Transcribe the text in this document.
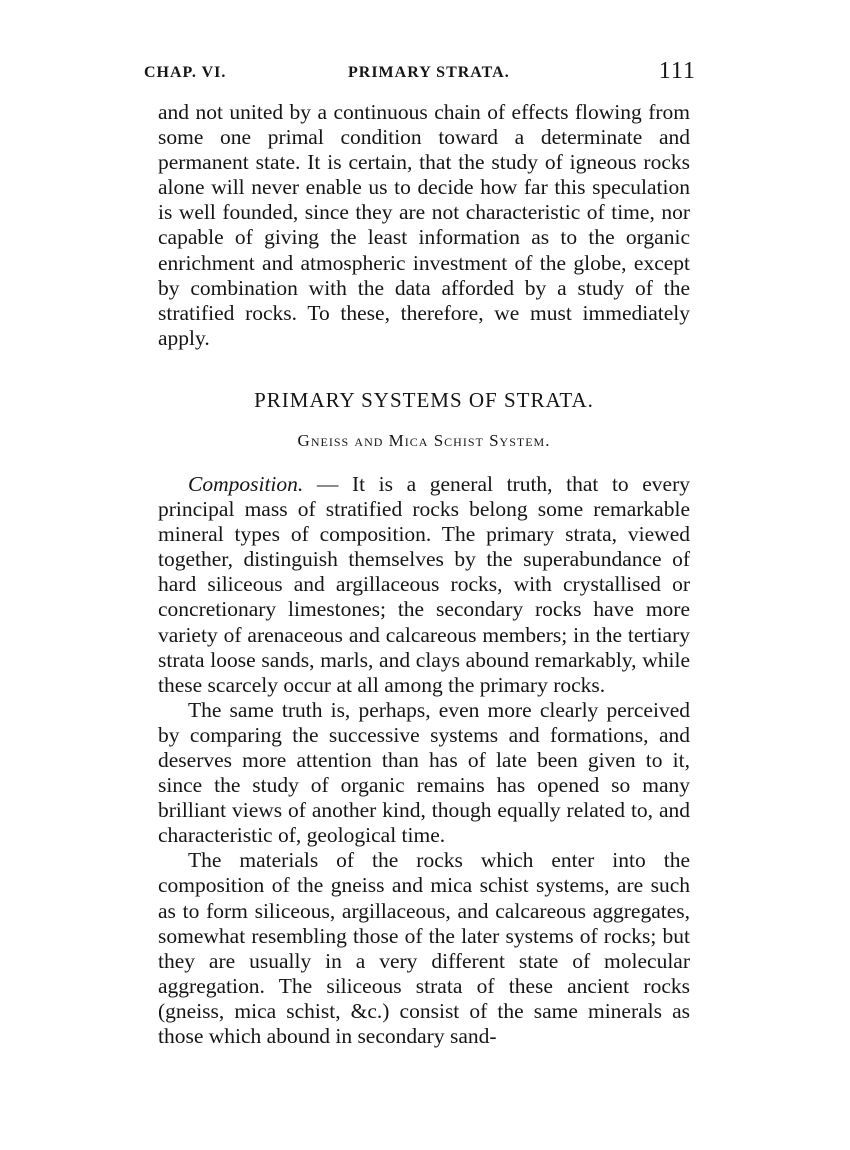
CHAP. VI.	PRIMARY STRATA.	111

and not united by a continuous chain of effects flowing from some one primal condition toward a determinate and permanent state. It is certain, that the study of igneous rocks alone will never enable us to decide how far this speculation is well founded, since they are not characteristic of time, nor capable of giving the least information as to the organic enrichment and atmospheric investment of the globe, except by combination with the data afforded by a study of the stratified rocks. To these, therefore, we must immediately apply.

PRIMARY SYSTEMS OF STRATA.
Gneiss and Mica Schist System.

Composition. — It is a general truth, that to every principal mass of stratified rocks belong some remarkable mineral types of composition. The primary strata, viewed together, distinguish themselves by the superabundance of hard siliceous and argillaceous rocks, with crystallised or concretionary limestones; the secondary rocks have more variety of arenaceous and calcareous members; in the tertiary strata loose sands, marls, and clays abound remarkably, while these scarcely occur at all among the primary rocks.

The same truth is, perhaps, even more clearly perceived by comparing the successive systems and formations, and deserves more attention than has of late been given to it, since the study of organic remains has opened so many brilliant views of another kind, though equally related to, and characteristic of, geological time.

The materials of the rocks which enter into the composition of the gneiss and mica schist systems, are such as to form siliceous, argillaceous, and calcareous aggregates, somewhat resembling those of the later systems of rocks; but they are usually in a very different state of molecular aggregation. The siliceous strata of these ancient rocks (gneiss, mica schist, &c.) consist of the same minerals as those which abound in secondary sand-
